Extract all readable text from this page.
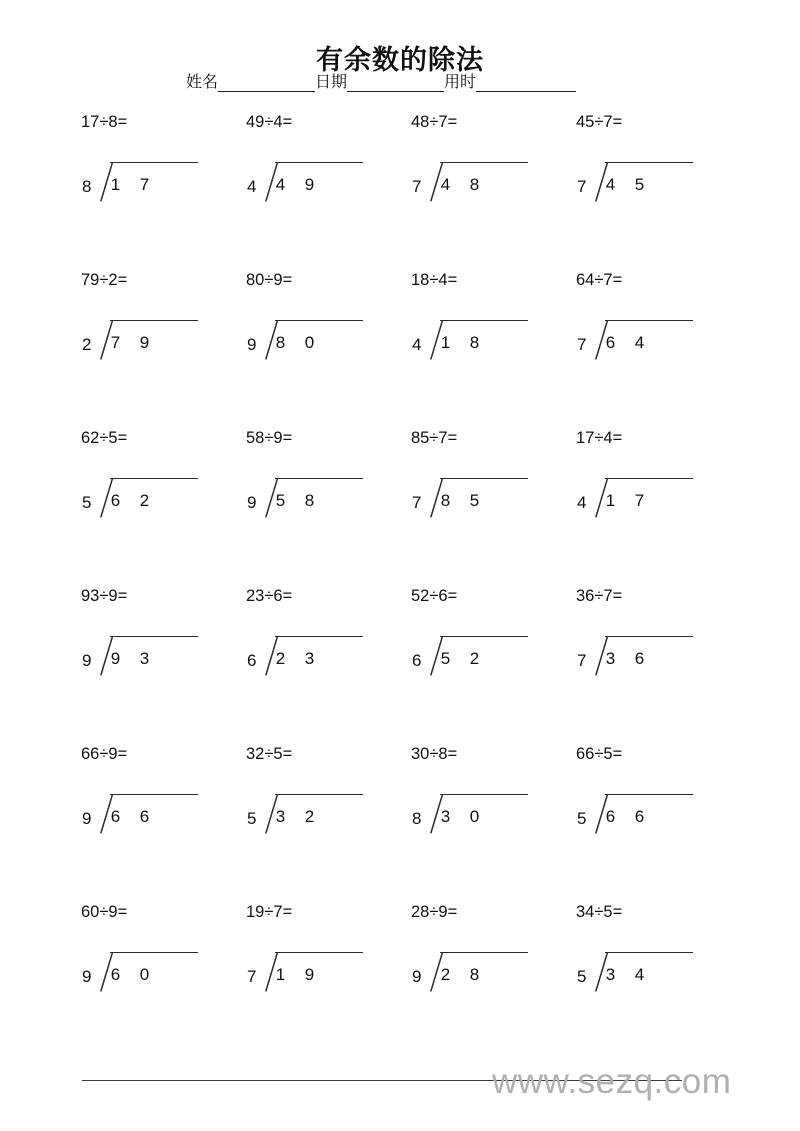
有余数的除法
姓名	日期	用时
17÷8=
8	1 7
49÷4=
4	4 9
48÷7=
7	4 8
45÷7=
7	4 5
79÷2=
2	7 9
80÷9=
9	8 0
18÷4=
4	1 8
64÷7=
7	6 4
62÷5=
5	6 2
58÷9=
9	5 8
85÷7=
7	8 5
17÷4=
4	1 7
93÷9=
9	9 3
23÷6=
6	2 3
52÷6=
6	5 2
36÷7=
7	3 6
66÷9=
9	6 6
32÷5=
5	3 2
30÷8=
8	3 0
66÷5=
5	6 6
60÷9=
9	6 0
19÷7=
7	1 9
28÷9=
9	2 8
34÷5=
5	3 4
www.sezq.com
